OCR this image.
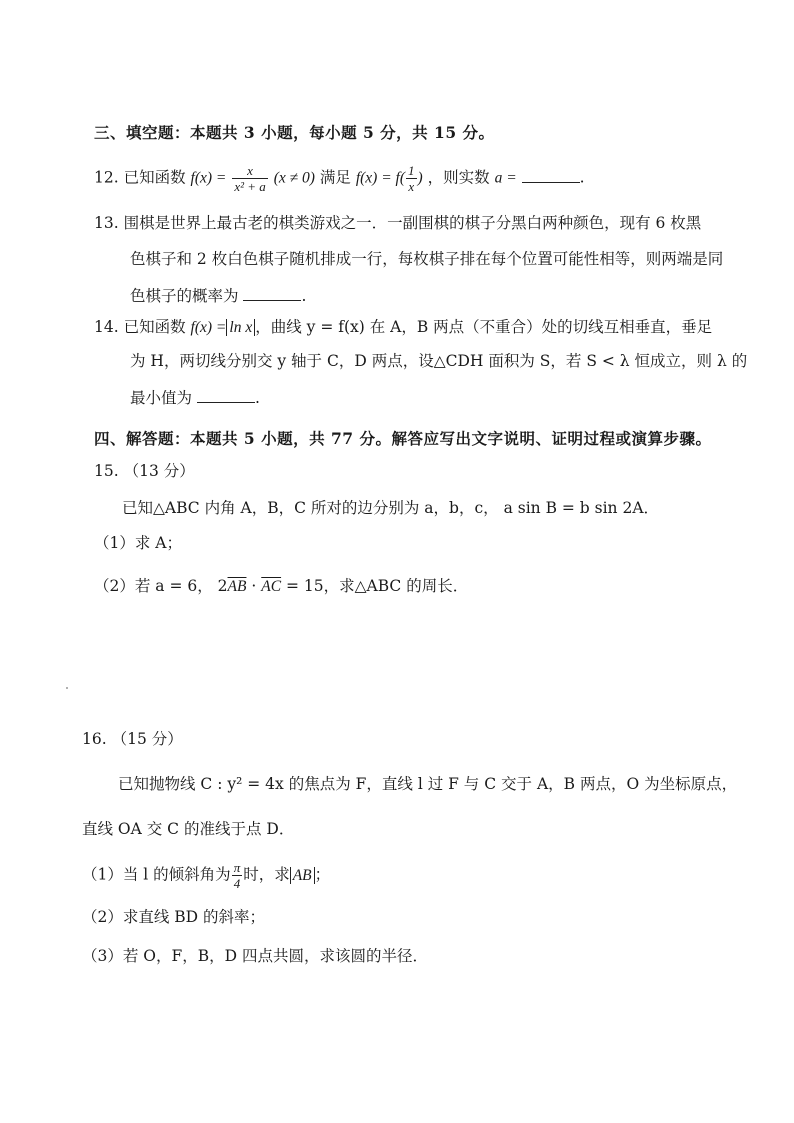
三、填空题：本题共 3 小题，每小题 5 分，共 15 分。
12. 已知函数 $f(x) = \frac{x}{\text{x² + a}} (x \ne 0)$ 满足 $f(x) = f( \frac{1}{x}$ ) ，则实数 a =	.
13. 围棋是世界上最古老的棋类游戏之一．一副围棋的棋子分黑白两种颜色，现有 6 枚黑
色棋子和 2 枚白色棋子随机排成一行，每枚棋子排在每个位置可能性相等，则两端是同
色棋子的概率为	.
14. 已知函数 f(x) = ln x ，曲线 y = f(x) 在 A，B 两点（不重合）处的切线互相垂直，垂足
为 H，两切线分别交 y 轴于 C，D 两点，设△CDH 面积为 S，若 S < λ 恒成立，则 λ 的
最小值为	.
四、解答题：本题共 5 小题，共 77 分。解答应写出文字说明、证明过程或演算步骤。
15. （13 分）
已知△ABC 内角 A，B，C 所对的边分别为 a，b，c， a sin B = b sin 2A．
（1）求 A；
（2）若 a = 6， $2\overline{AB} \cdot \overline{AC} = 15$，求△ABC 的周长．
16. （15 分）
已知抛物线 C : y² = 4x 的焦点为 F，直线 l 过 F 与 C 交于 A，B 两点，O 为坐标原点，
直线 OA 交 C 的准线于点 D．
（1）当 l 的倾斜角为 $\frac{\pi}{4}$ 时，求 AB ；
（2）求直线 BD 的斜率；
（3）若 O，F，B，D 四点共圆，求该圆的半径．
